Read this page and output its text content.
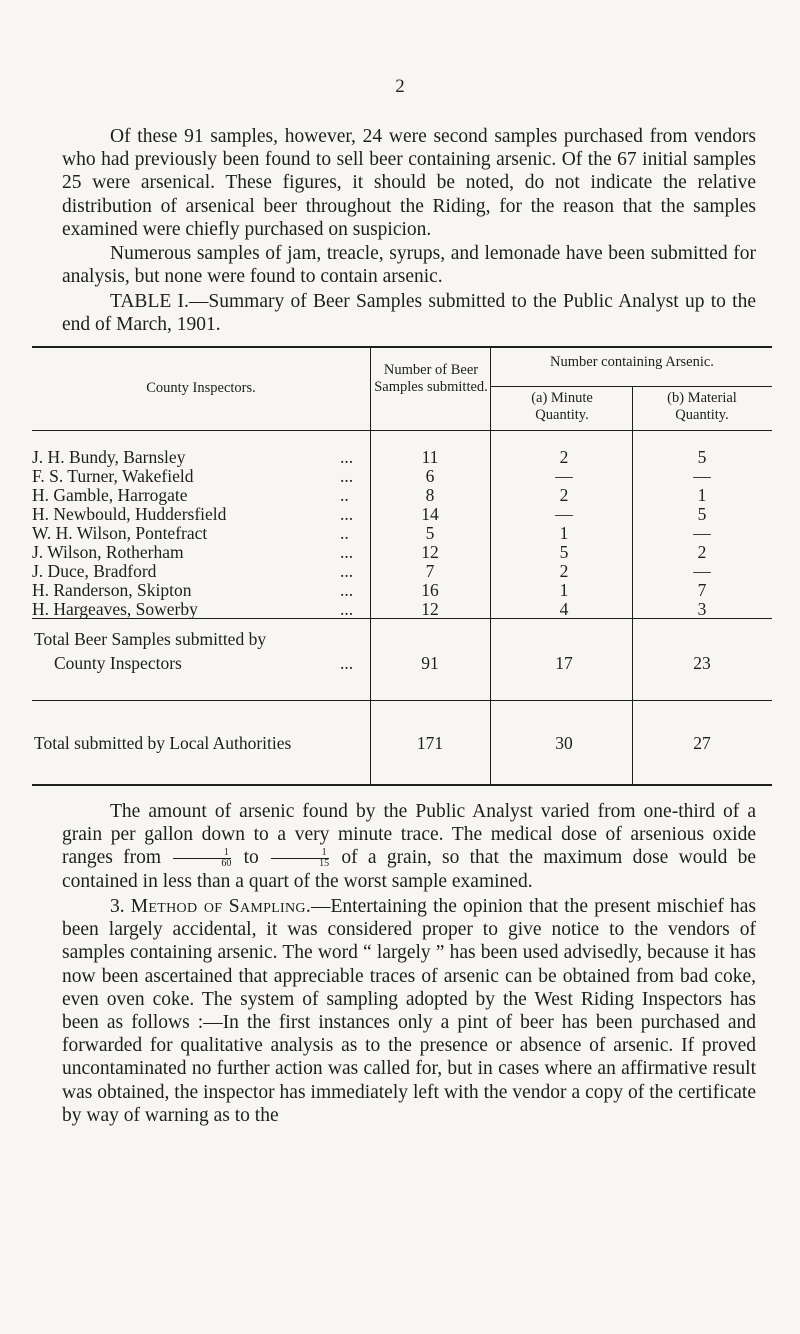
2

Of these 91 samples, however, 24 were second samples purchased from vendors who had previously been found to sell beer containing arsenic. Of the 67 initial samples 25 were arsenical. These figures, it should be noted, do not indicate the relative distribution of arsenical beer throughout the Riding, for the reason that the samples examined were chiefly purchased on suspicion.

Numerous samples of jam, treacle, syrups, and lemonade have been submitted for analysis, but none were found to contain arsenic.

TABLE I.—Summary of Beer Samples submitted to the Public Analyst up to the end of March, 1901.

County Inspectors.
Number of Beer Samples submitted.
Number containing Arsenic.
(a) Minute Quantity.
(b) Material Quantity.
J. H. Bundy, Barnsley	...	11	2	5
F. S. Turner, Wakefield	...	6	—	—
H. Gamble, Harrogate	..	8	2	1
H. Newbould, Huddersfield	...	14	—	5
W. H. Wilson, Pontefract	..	5	1	—
J. Wilson, Rotherham	...	12	5	2
J. Duce, Bradford	...	7	2	—
H. Randerson, Skipton	...	16	1	7
H. Hargeaves, Sowerby	...	12	4	3
Total Beer Samples submitted by
County Inspectors	...	91	17	23
Total submitted by Local Authorities	171	30	27

The amount of arsenic found by the Public Analyst varied from one-third of a grain per gallon down to a very minute trace. The medical dose of arsenious oxide ranges from $\frac{1}{60}$ to $\frac{1}{15}$ of a grain, so that the maximum dose would be contained in less than a quart of the worst sample examined.

3. Method of Sampling.—Entertaining the opinion that the present mischief has been largely accidental, it was considered proper to give notice to the vendors of samples containing arsenic. The word “ largely ” has been used advisedly, because it has now been ascertained that appreciable traces of arsenic can be obtained from bad coke, even oven coke. The system of sampling adopted by the West Riding Inspectors has been as follows :—In the first instances only a pint of beer has been purchased and forwarded for qualitative analysis as to the presence or absence of arsenic. If proved uncontaminated no further action was called for, but in cases where an affirmative result was obtained, the inspector has immediately left with the vendor a copy of the certificate by way of warning as to the
